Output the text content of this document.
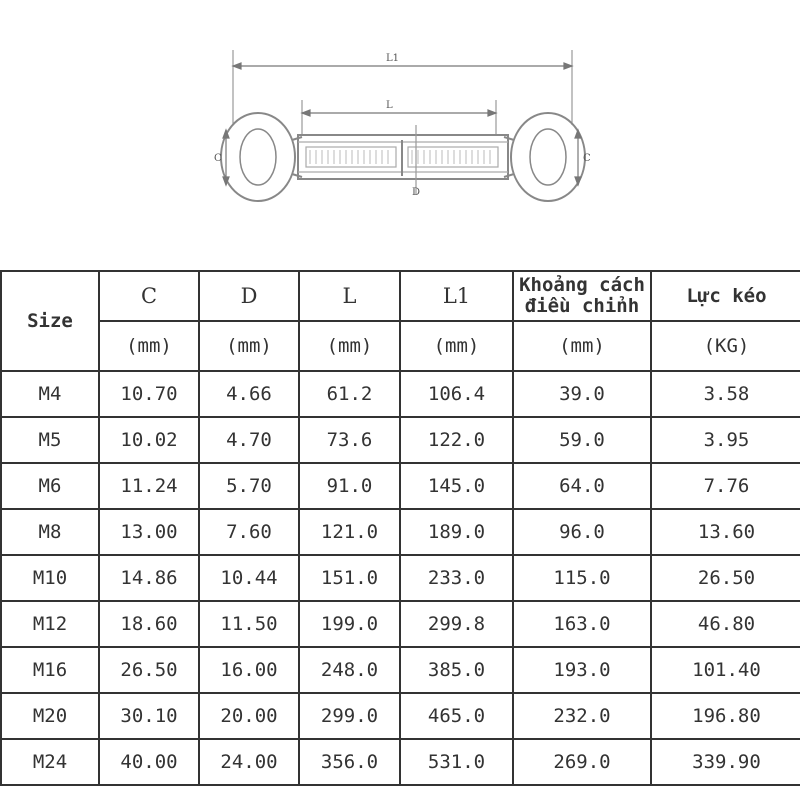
L1
L
C	C
D
Size	C	D	L	L1	Khoảng cách điều chỉnh	Lực kéo
	(mm)	(mm)	(mm)	(mm)	(mm)	(KG)
M4	10.70	4.66	61.2	106.4	39.0	3.58
M5	10.02	4.70	73.6	122.0	59.0	3.95
M6	11.24	5.70	91.0	145.0	64.0	7.76
M8	13.00	7.60	121.0	189.0	96.0	13.60
M10	14.86	10.44	151.0	233.0	115.0	26.50
M12	18.60	11.50	199.0	299.8	163.0	46.80
M16	26.50	16.00	248.0	385.0	193.0	101.40
M20	30.10	20.00	299.0	465.0	232.0	196.80
M24	40.00	24.00	356.0	531.0	269.0	339.90
